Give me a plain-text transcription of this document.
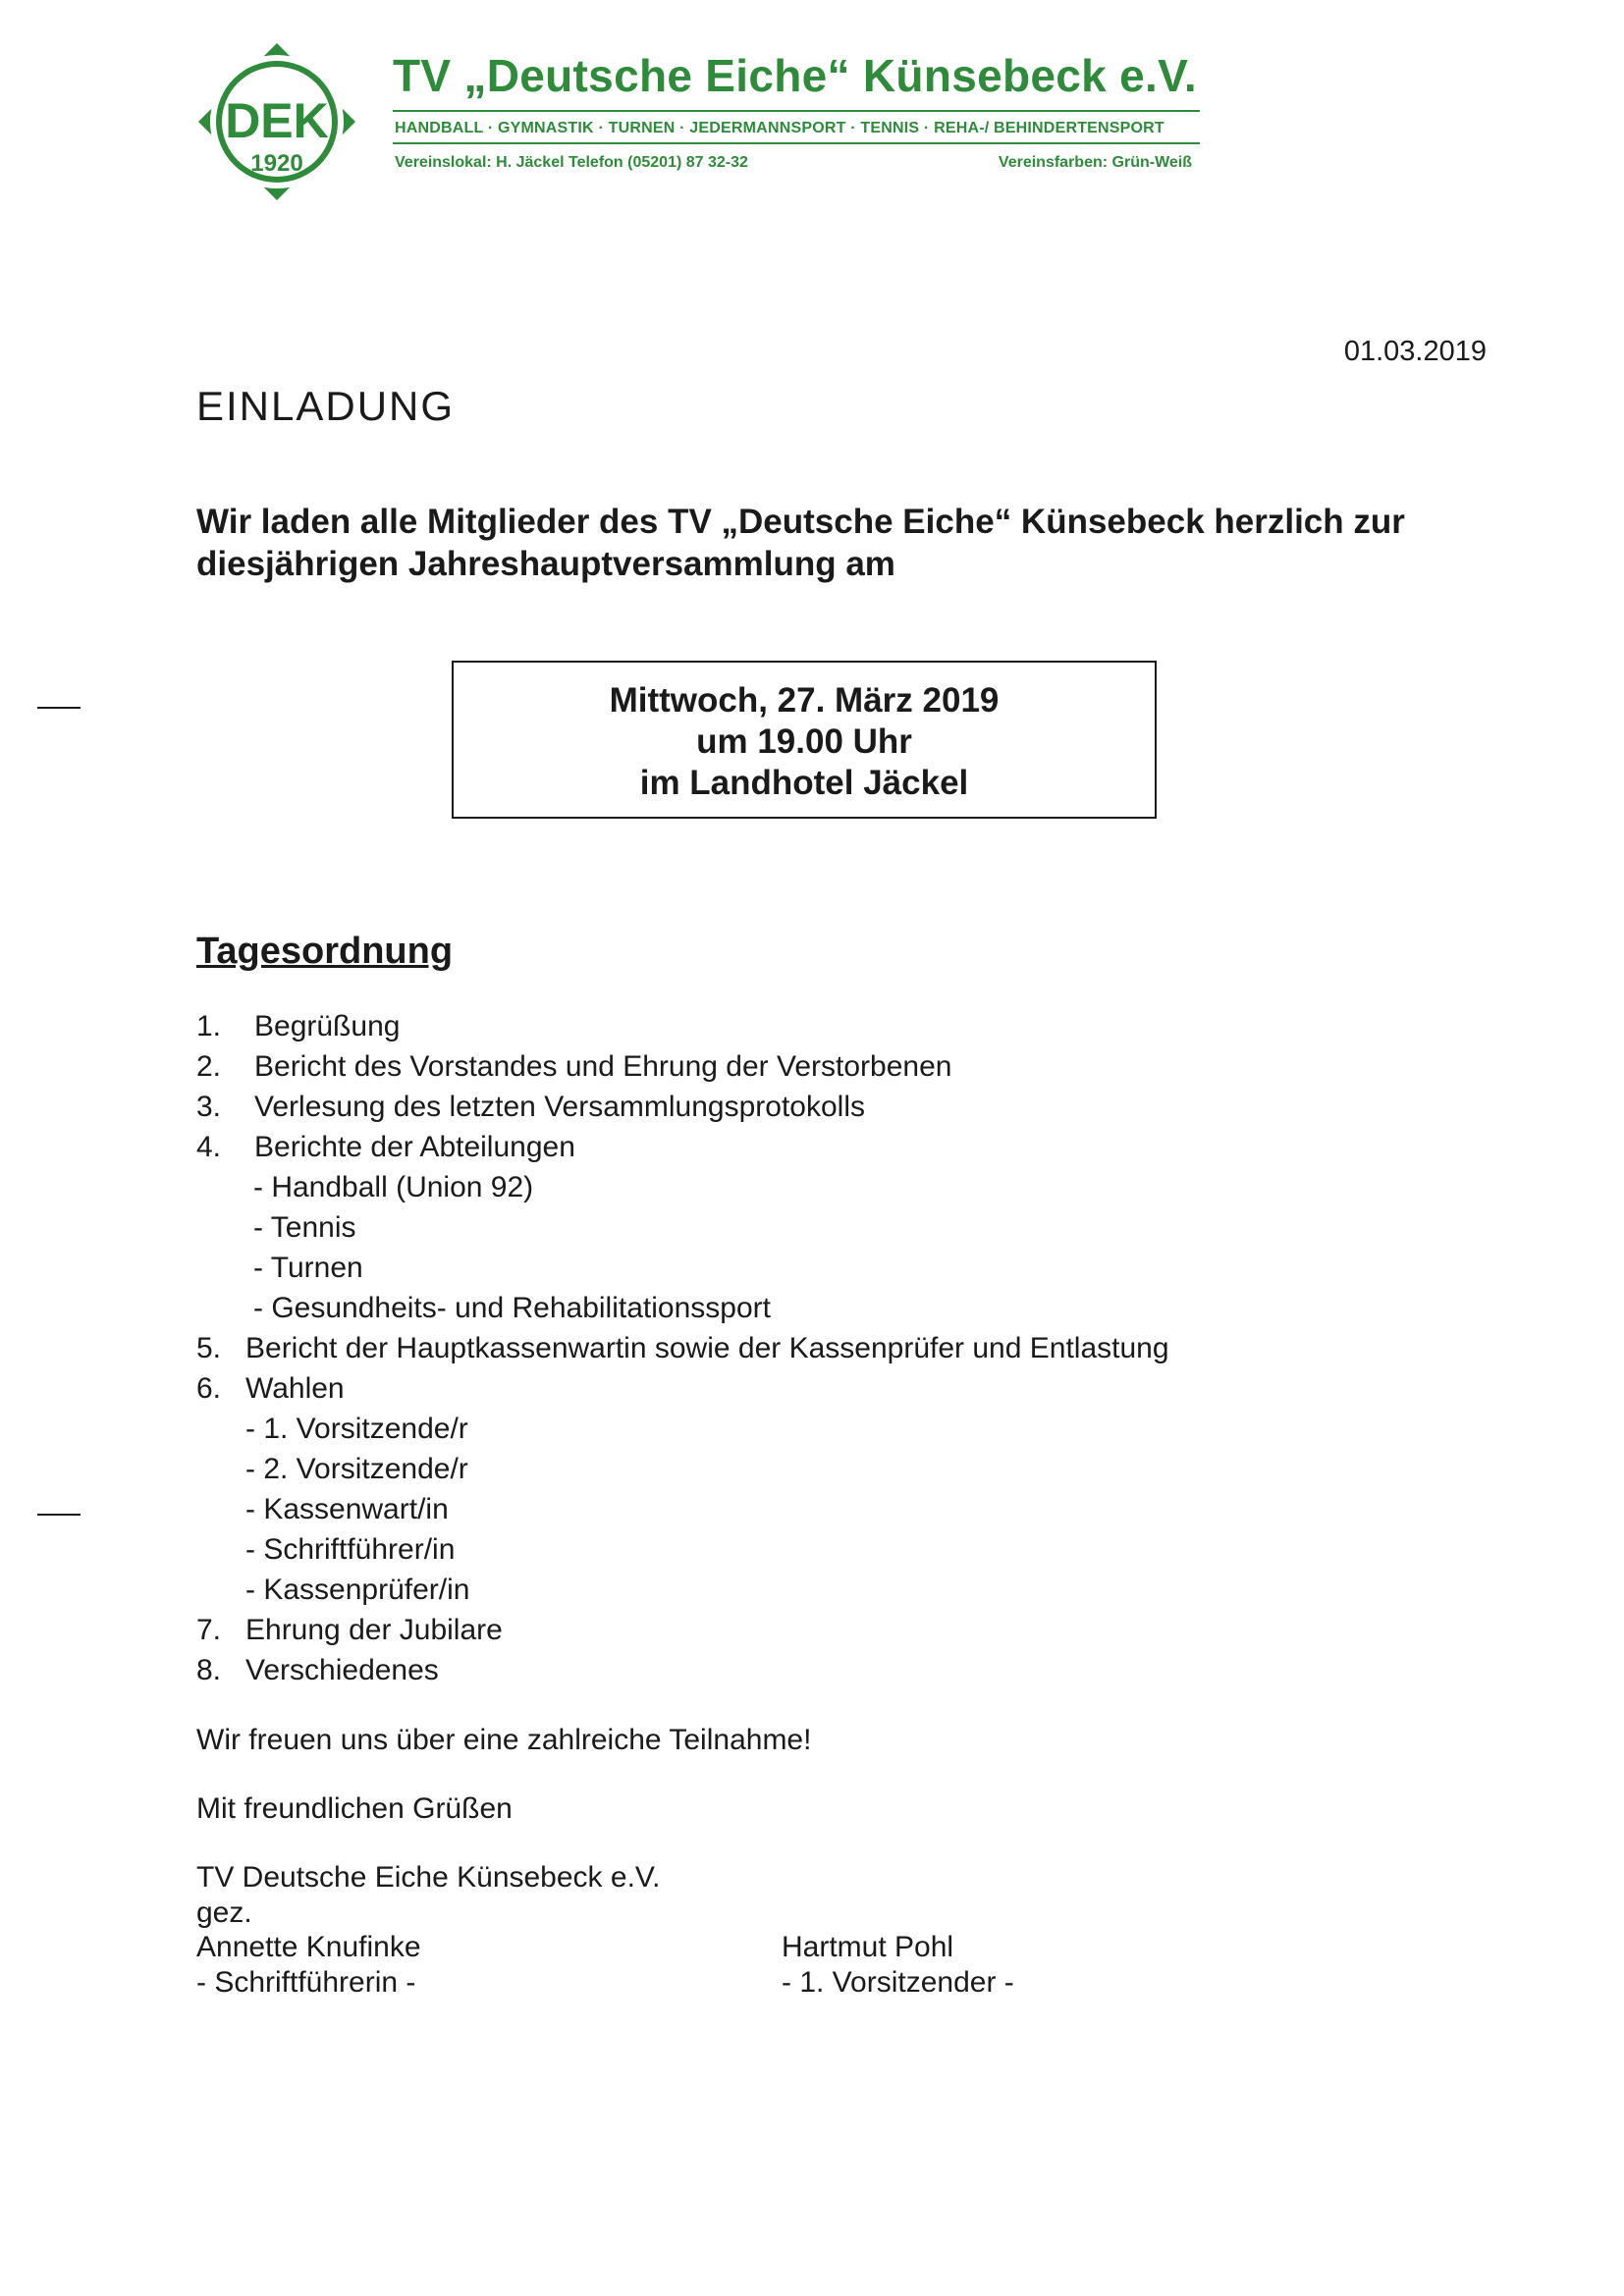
DEK
1920
TV „Deutsche Eiche“ Künsebeck e.V.
HANDBALL · GYMNASTIK · TURNEN · JEDERMANNSPORT · TENNIS · REHA-/ BEHINDERTENSPORT
Vereinslokal: H. Jäckel Telefon (05201) 87 32-32	Vereinsfarben: Grün-Weiß
01.03.2019
EINLADUNG
Wir laden alle Mitglieder des TV „Deutsche Eiche“ Künsebeck herzlich zur diesjährigen Jahreshauptversammlung am
Mittwoch, 27. März 2019
um 19.00 Uhr
im Landhotel Jäckel
Tagesordnung
1. Begrüßung
2. Bericht des Vorstandes und Ehrung der Verstorbenen
3. Verlesung des letzten Versammlungsprotokolls
4. Berichte der Abteilungen
- Handball (Union 92)
- Tennis
- Turnen
- Gesundheits- und Rehabilitationssport
5. Bericht der Hauptkassenwartin sowie der Kassenprüfer und Entlastung
6. Wahlen
- 1. Vorsitzende/r
- 2. Vorsitzende/r
- Kassenwart/in
- Schriftführer/in
- Kassenprüfer/in
7. Ehrung der Jubilare
8. Verschiedenes
Wir freuen uns über eine zahlreiche Teilnahme!
Mit freundlichen Grüßen
TV Deutsche Eiche Künsebeck e.V.
gez.
Annette Knufinke
- Schriftführerin -
Hartmut Pohl
- 1. Vorsitzender -
